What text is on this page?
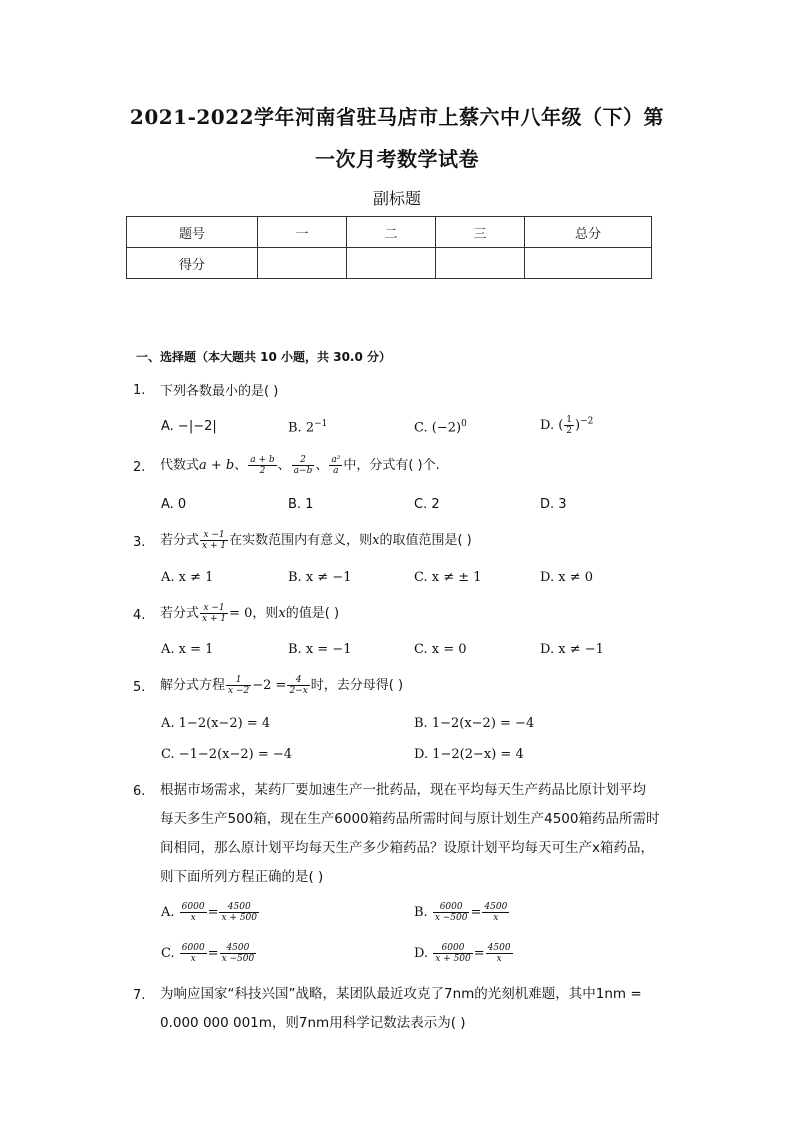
2021-2022学年河南省驻马店市上蔡六中八年级（下）第
一次月考数学试卷
副标题
题号	一	二	三	总分
得分				
一、选择题（本大题共 10 小题，共 30.0 分）
1. 下列各数最小的是( )
A. −|−2|	B. $2^{-1}$	C. $(-2)^0$	D. ( $\frac{1}{2} )^{-2}$
2. 代数式a + b、 $\frac{a + b}{2}$ 、 $\frac{2}{a-b}$ 、 $\frac{\text{a²}}{a}$ 中，分式有( )个.
A. 0	B. 1	C. 2	D. 3
3. 若分式 $\frac{x -1}{x + 1}$ 在实数范围内有意义，则x的取值范围是( )
A. x ≠ 1	B. x ≠ −1	C. x ≠ ± 1	D. x ≠ 0
4. 若分式 $\frac{x -1}{x + 1} = 0$，则x的值是( )
A. x = 1	B. x = −1	C. x = 0	D. x ≠ −1
5. 解分式方程 $\frac{1}{x -2} -2 = \frac{4}{2-x}$ 时，去分母得( )
A. 1−2(x−2) = 4	B. 1−2(x−2) = −4
C. −1−2(x−2) = −4	D. 1−2(2−x) = 4
6. 根据市场需求，某药厂要加速生产一批药品，现在平均每天生产药品比原计划平均
每天多生产500箱，现在生产6000箱药品所需时间与原计划生产4500箱药品所需时
间相同，那么原计划平均每天生产多少箱药品？设原计划平均每天可生产x箱药品，
则下面所列方程正确的是( )
A. $\frac{6000}{x} = \frac{4500}{x + 500}$	B. $\frac{6000}{x -500} = \frac{4500}{x}$
C. $\frac{6000}{x} = \frac{4500}{x -500}$	D. $\frac{6000}{x + 500} = \frac{4500}{x}$
7. 为响应国家“科技兴国”战略，某团队最近攻克了7nm的光刻机难题，其中1nm =
0.000 000 001m，则7nm用科学记数法表示为( )
